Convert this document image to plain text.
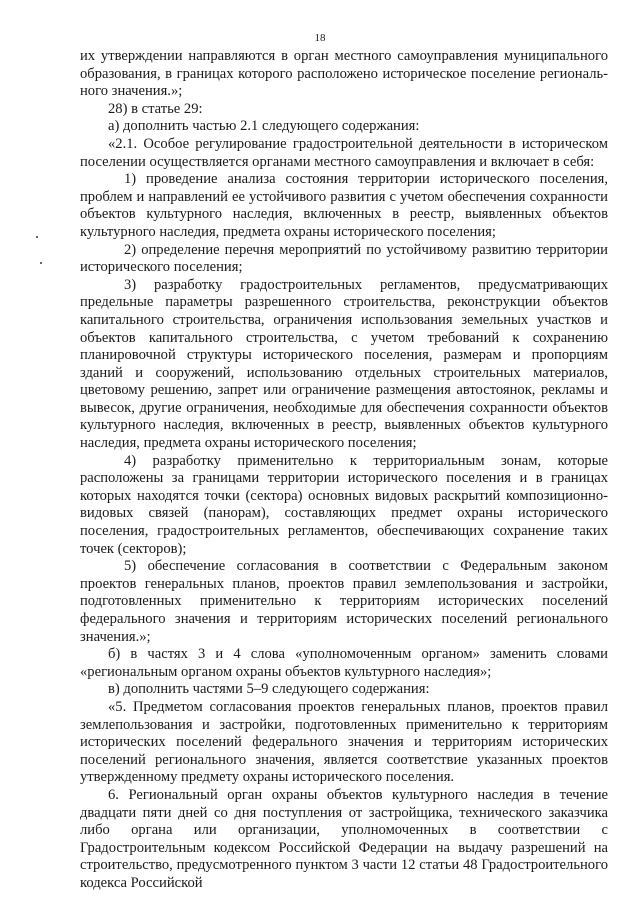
18

их утверждении направляются в орган местного самоуправления муниципального образования, в границах которого расположено историческое поселение региональ-ного значения.»;

28) в статье 29:

а) дополнить частью 2.1 следующего содержания:

«2.1. Особое регулирование градостроительной деятельности в историческом поселении осуществляется органами местного самоуправления и включает в себя:

1) проведение анализа состояния территории исторического поселения, проблем и направлений ее устойчивого развития с учетом обеспечения сохранности объектов культурного наследия, включенных в реестр, выявленных объектов культурного наследия, предмета охраны исторического поселения;

2) определение перечня мероприятий по устойчивому развитию территории исторического поселения;

3) разработку градостроительных регламентов, предусматривающих предельные параметры разрешенного строительства, реконструкции объектов капитального строительства, ограничения использования земельных участков и объектов капитального строительства, с учетом требований к сохранению планировочной структуры исторического поселения, размерам и пропорциям зданий и сооружений, использованию отдельных строительных материалов, цветовому решению, запрет или ограничение размещения автостоянок, рекламы и вывесок, другие ограничения, необходимые для обеспечения сохранности объектов культурного наследия, включенных в реестр, выявленных объектов культурного наследия, предмета охраны исторического поселения;

4) разработку применительно к территориальным зонам, которые расположены за границами территории исторического поселения и в границах которых находятся точки (сектора) основных видовых раскрытий композиционно-видовых связей (панорам), составляющих предмет охраны исторического поселения, градостроительных регламентов, обеспечивающих сохранение таких точек (секторов);

5) обеспечение согласования в соответствии с Федеральным законом проектов генеральных планов, проектов правил землепользования и застройки, подготовленных применительно к территориям исторических поселений федерального значения и территориям исторических поселений регионального значения.»;

б) в частях 3 и 4 слова «уполномоченным органом» заменить словами «региональным органом охраны объектов культурного наследия»;

в) дополнить частями 5–9 следующего содержания:

«5. Предметом согласования проектов генеральных планов, проектов правил землепользования и застройки, подготовленных применительно к территориям исторических поселений федерального значения и территориям исторических поселений регионального значения, является соответствие указанных проектов утвержденному предмету охраны исторического поселения.

6. Региональный орган охраны объектов культурного наследия в течение двадцати пяти дней со дня поступления от застройщика, технического заказчика либо органа или организации, уполномоченных в соответствии с Градостроительным кодексом Российской Федерации на выдачу разрешений на строительство, предусмотренного пунктом 3 части 12 статьи 48 Градостроительного кодекса Российской
